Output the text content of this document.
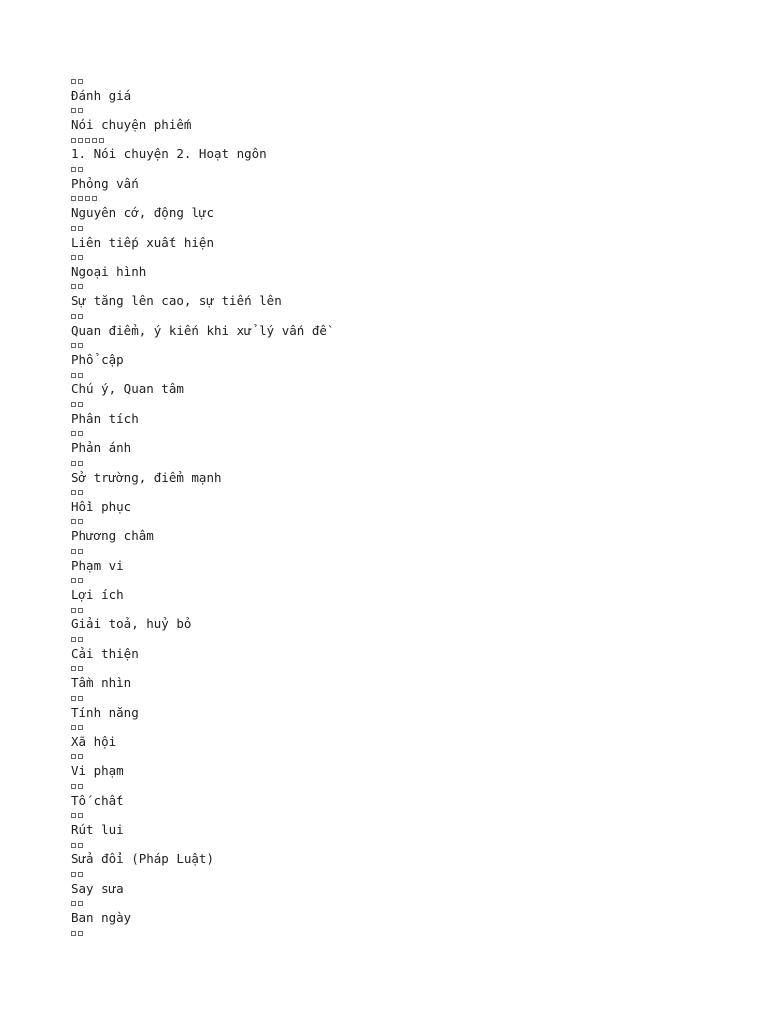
Đánh giá
Nói chuyện phiếm
1. Nói chuyện 2. Hoạt ngôn
Phỏng vấn
Nguyên cớ, động lực
Liên tiếp xuất hiện
Ngoại hình
Sự tăng lên cao, sự tiến lên
Quan điểm, ý kiến khi xử lý vấn đề
Phổ cập
Chú ý, Quan tâm
Phân tích
Phản ánh
Sở trường, điểm mạnh
Hồi phục
Phương châm
Phạm vi
Lợi ích
Giải toả, huỷ bỏ
Cải thiện
Tầm nhìn
Tính năng
Xã hội
Vi phạm
Tố chất
Rút lui
Sửa đổi (Pháp Luật)
Say sưa
Ban ngày
